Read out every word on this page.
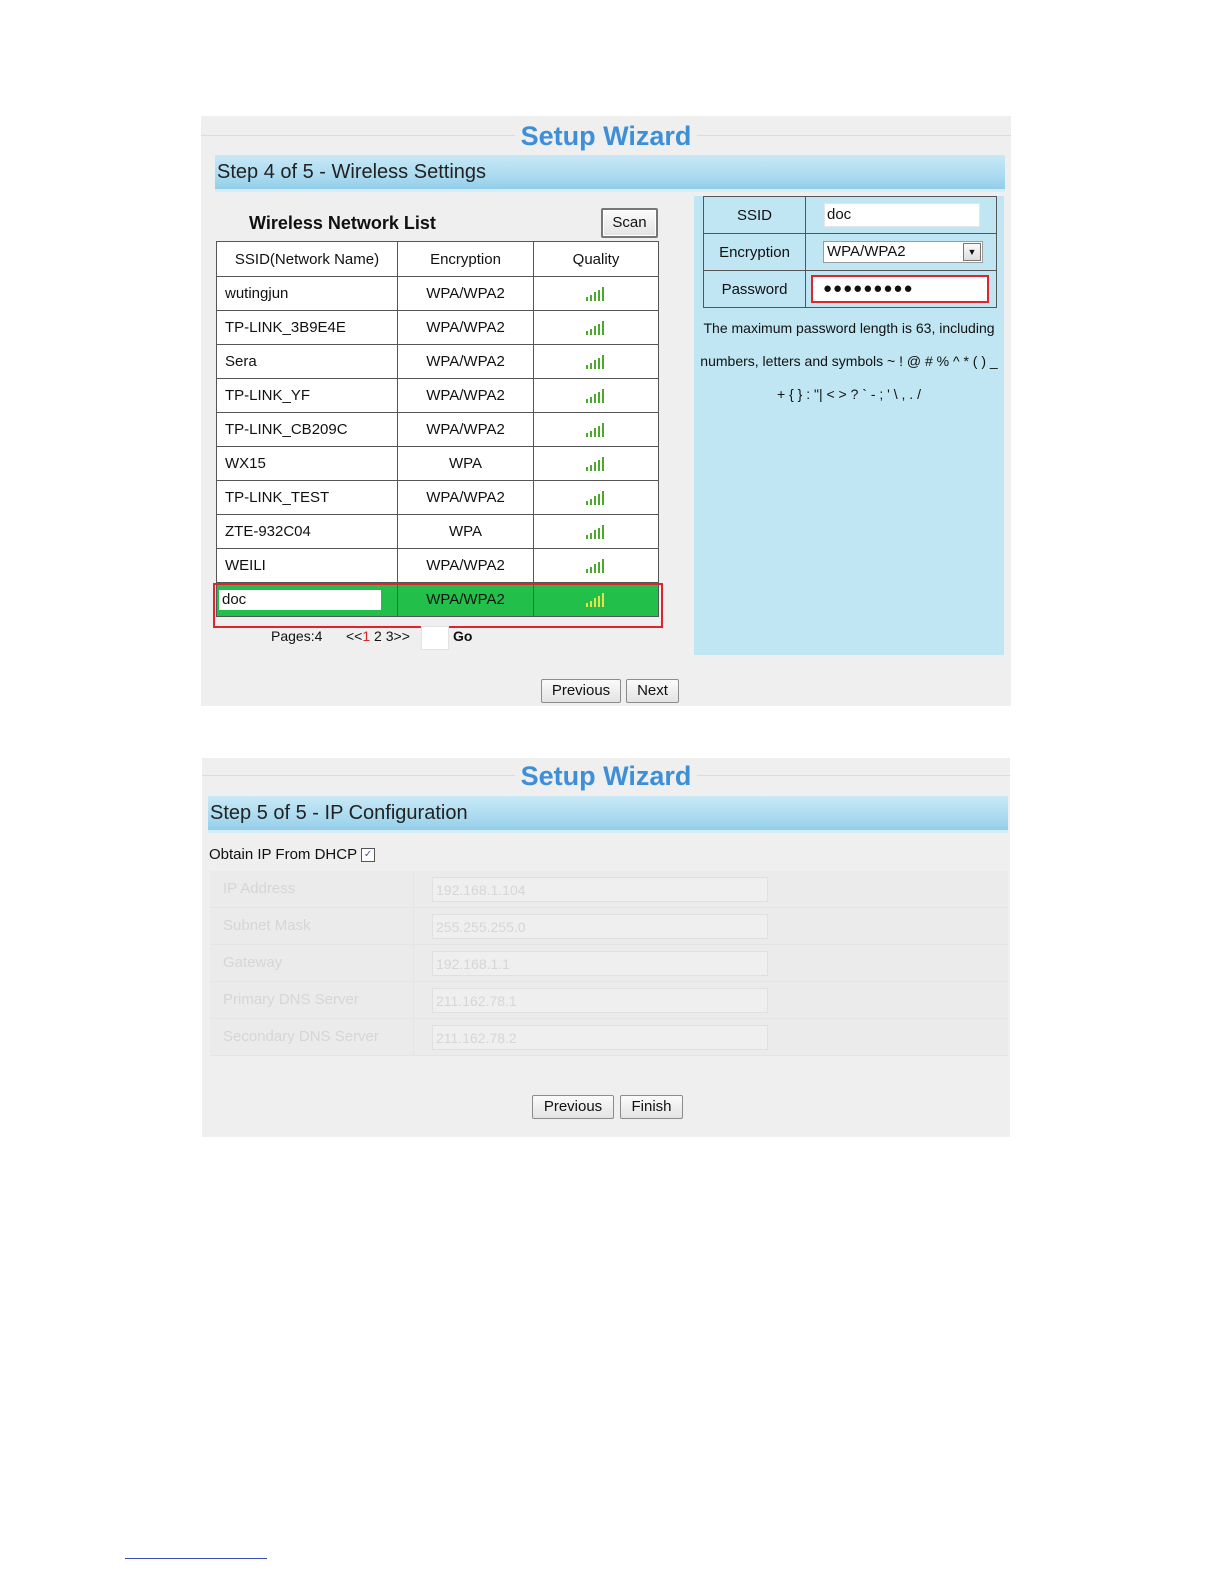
Setup Wizard
Step 4 of 5 - Wireless Settings
Wireless Network List	Scan
SSID(Network Name)	Encryption	Quality
wutingjun	WPA/WPA2	

TP-LINK_3B9E4E	WPA/WPA2	

Sera	WPA/WPA2	

TP-LINK_YF	WPA/WPA2	

TP-LINK_CB209C	WPA/WPA2	

WX15	WPA	

TP-LINK_TEST	WPA/WPA2	

ZTE-932C04	WPA	

WEILI	WPA/WPA2	

doc	WPA/WPA2	
Pages:4 <<1 2 3>>	Go
SSID	doc
Encryption	WPA/WPA2 ▼

Password	●●●●●●●●●
The maximum password length is 63, including
numbers, letters and symbols ~ ! @ # % ^ * ( ) _
+ { } : "| < > ? ` - ; ' \ , . /
Previous	Next
Setup Wizard
Step 5 of 5 - IP Configuration
Obtain IP From DHCP ✓
IP Address	192.168.1.104
Subnet Mask	255.255.255.0
Gateway	192.168.1.1
Primary DNS Server	211.162.78.1
Secondary DNS Server	211.162.78.2
Previous	Finish
